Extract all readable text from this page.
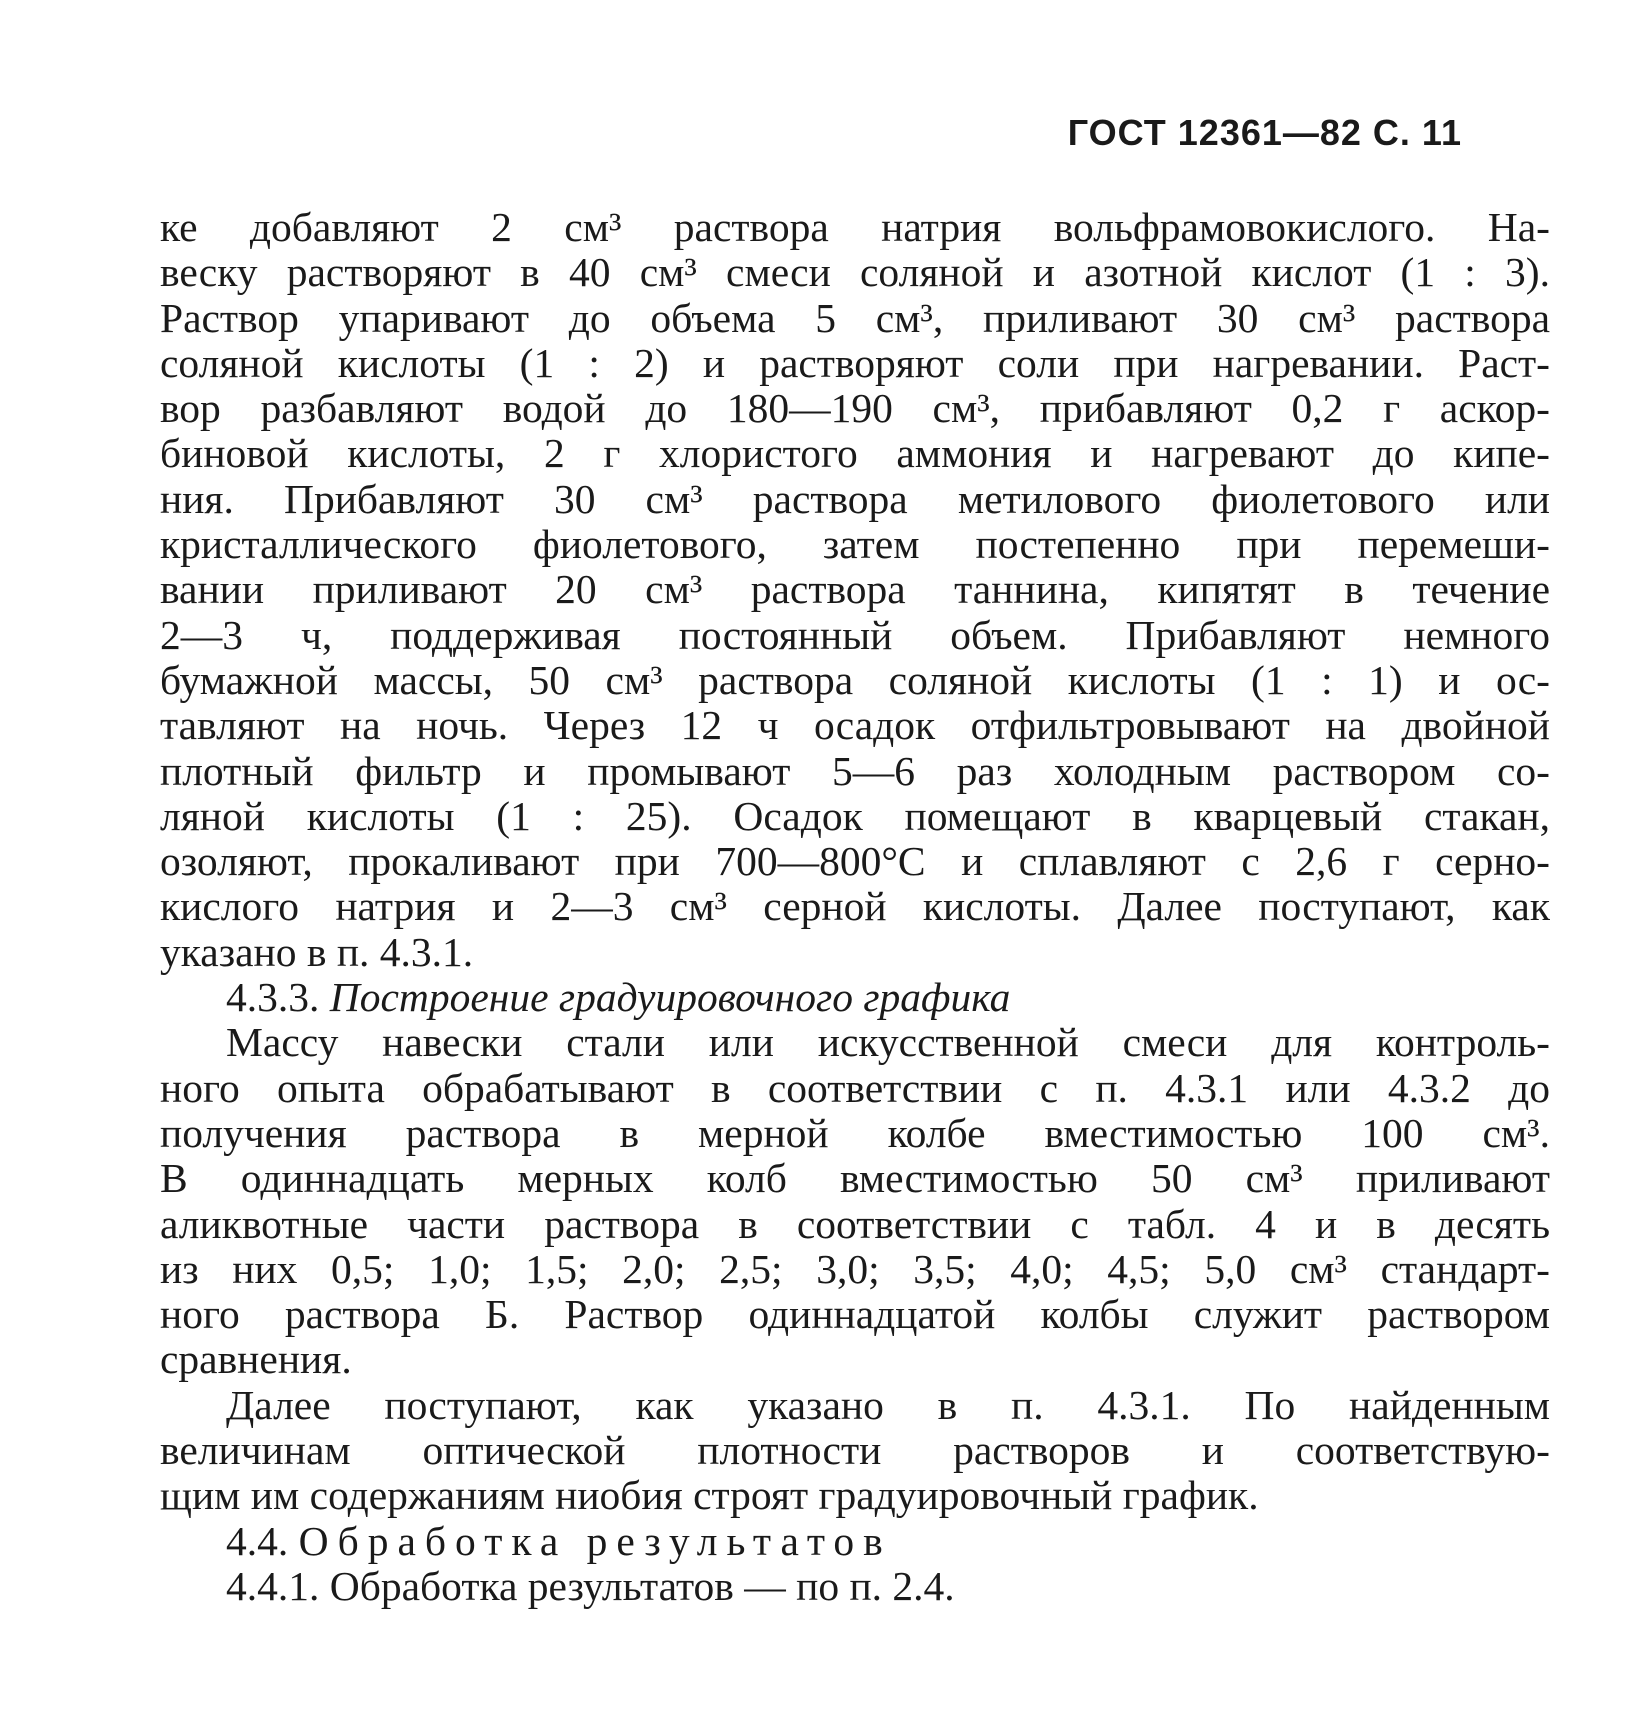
ГОСТ 12361—82 С. 11
ке добавляют 2 см³ раствора натрия вольфрамовокислого. На-
веску растворяют в 40 см³ смеси соляной и азотной кислот (1 : 3).
Раствор упаривают до объема 5 см³, приливают 30 см³ раствора
соляной кислоты (1 : 2) и растворяют соли при нагревании. Раст-
вор разбавляют водой до 180—190 см³, прибавляют 0,2 г аскор-
биновой кислоты, 2 г хлористого аммония и нагревают до кипе-
ния. Прибавляют 30 см³ раствора метилового фиолетового или
кристаллического фиолетового, затем постепенно при перемеши-
вании приливают 20 см³ раствора таннина, кипятят в течение
2—3 ч, поддерживая постоянный объем. Прибавляют немного
бумажной массы, 50 см³ раствора соляной кислоты (1 : 1) и ос-
тавляют на ночь. Через 12 ч осадок отфильтровывают на двойной
плотный фильтр и промывают 5—6 раз холодным раствором со-
ляной кислоты (1 : 25). Осадок помещают в кварцевый стакан,
озоляют, прокаливают при 700—800°С и сплавляют с 2,6 г серно-
кислого натрия и 2—3 см³ серной кислоты. Далее поступают, как
указано в п. 4.3.1.
4.3.3. Построение градуировочного графика
Массу навески стали или искусственной смеси для контроль-
ного опыта обрабатывают в соответствии с п. 4.3.1 или 4.3.2 до
получения раствора в мерной колбе вместимостью 100 см³.
В одиннадцать мерных колб вместимостью 50 см³ приливают
аликвотные части раствора в соответствии с табл. 4 и в десять
из них 0,5; 1,0; 1,5; 2,0; 2,5; 3,0; 3,5; 4,0; 4,5; 5,0 см³ стандарт-
ного раствора Б. Раствор одиннадцатой колбы служит раствором
сравнения.
Далее поступают, как указано в п. 4.3.1. По найденным
величинам оптической плотности растворов и соответствую-
щим им содержаниям ниобия строят градуировочный график.
4.4. Обработка результатов
4.4.1. Обработка результатов — по п. 2.4.
